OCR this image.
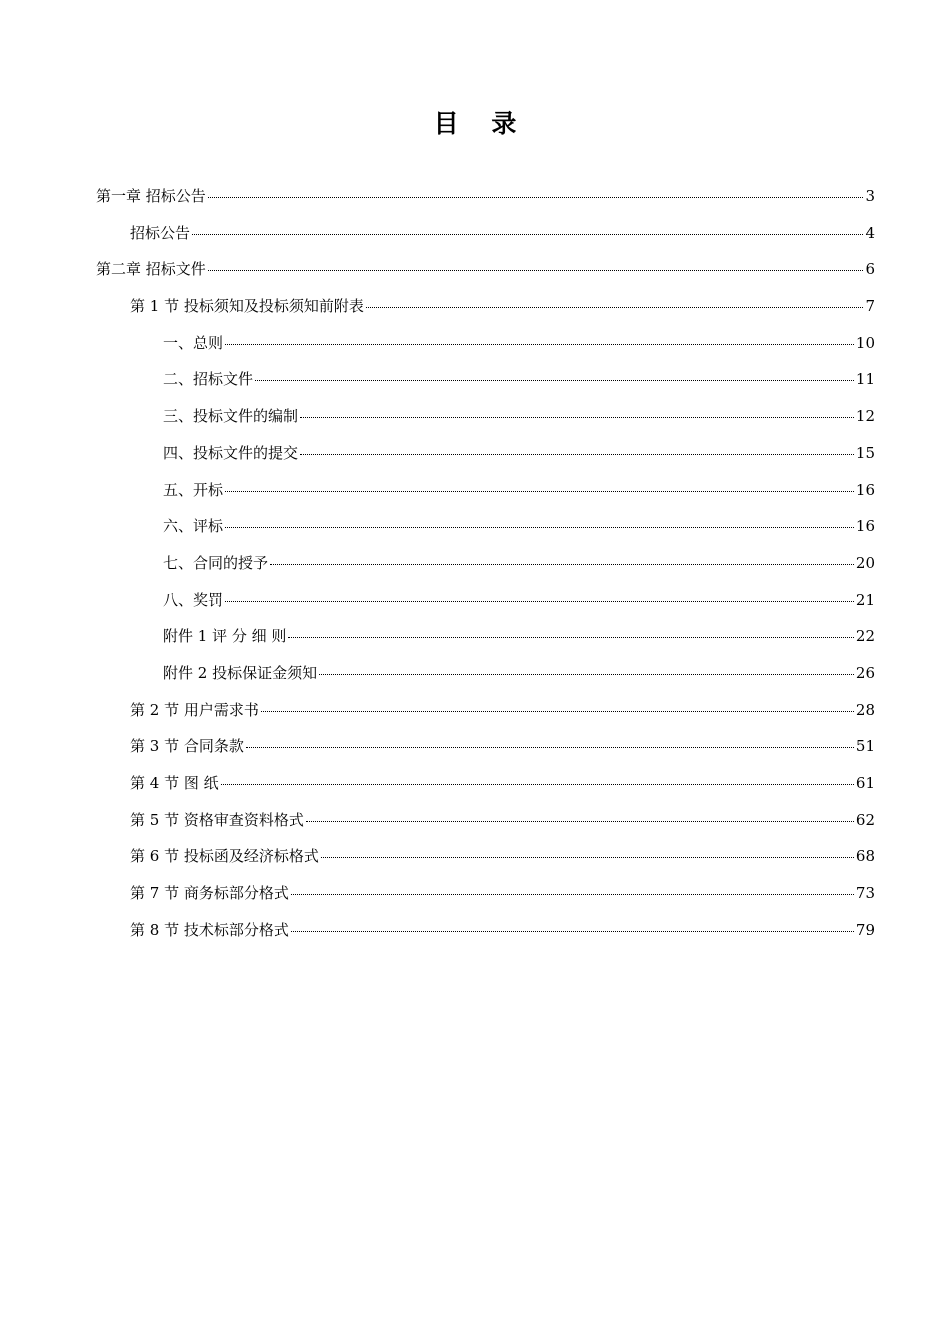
目 录
第一章 招标公告	3
招标公告	4
第二章 招标文件	6
第 1 节 投标须知及投标须知前附表	7
一、总则	10
二、招标文件	11
三、投标文件的编制	12
四、投标文件的提交	15
五、开标	16
六、评标	16
七、合同的授予	20
八、奖罚	21
附件 1 评 分 细 则	22
附件 2 投标保证金须知	26
第 2 节 用户需求书	28
第 3 节 合同条款	51
第 4 节 图 纸	61
第 5 节 资格审查资料格式	62
第 6 节 投标函及经济标格式	68
第 7 节 商务标部分格式	73
第 8 节 技术标部分格式	79
